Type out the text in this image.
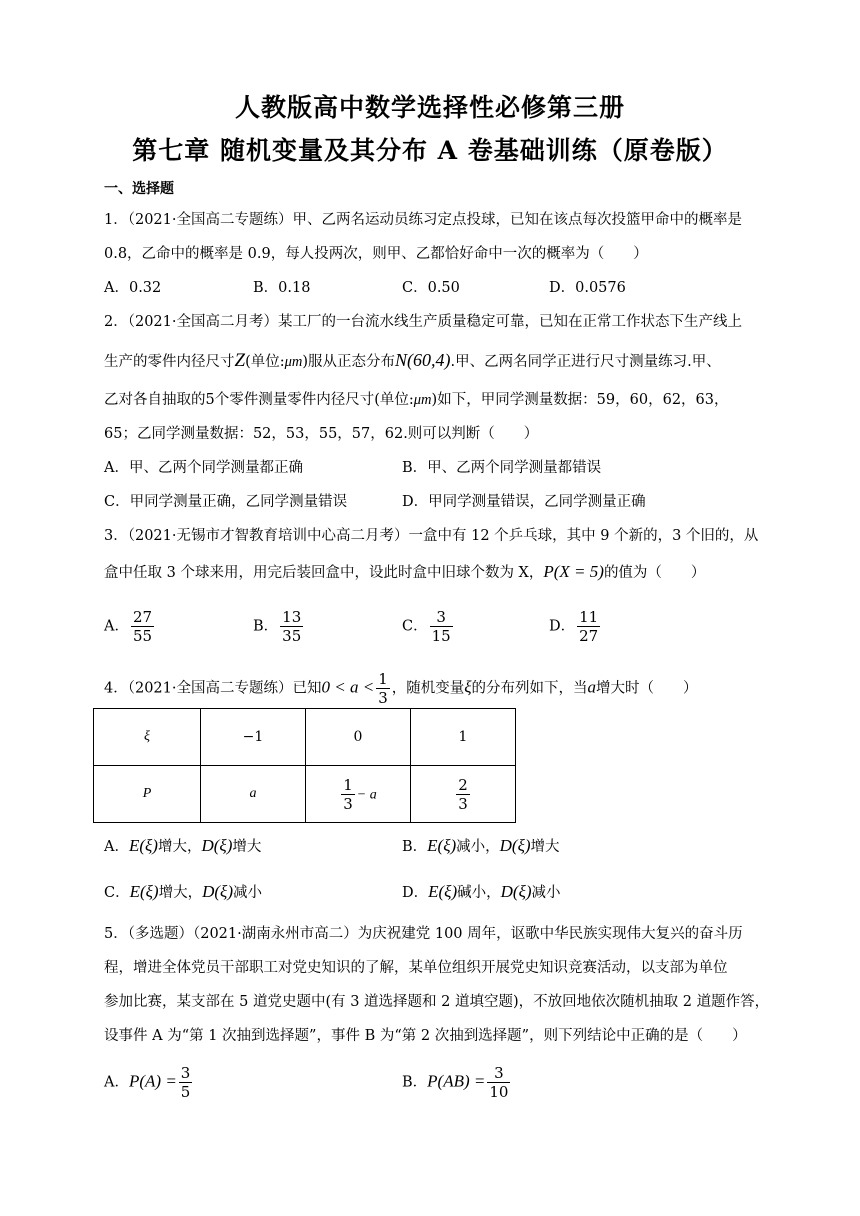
人教版高中数学选择性必修第三册
第七章 随机变量及其分布 A 卷基础训练（原卷版）
一、选择题
1．（2021·全国高二专题练）甲、乙两名运动员练习定点投球，已知在该点每次投篮甲命中的概率是
0.8，乙命中的概率是 0.9，每人投两次，则甲、乙都恰好命中一次的概率为（　　）
A．0.32	B．0.18	C．0.50	D．0.0576
2．（2021·全国高二月考）某工厂的一台流水线生产质量稳定可靠，已知在正常工作状态下生产线上
生产的零件内径尺寸Z(单位:μm)服从正态分布N(60,4).甲、乙两名同学正进行尺寸测量练习.甲、
乙对各自抽取的5个零件测量零件内径尺寸(单位:μm)如下，甲同学测量数据：59，60，62，63，
65；乙同学测量数据：52，53，55，57，62.则可以判断（　　）
A．甲、乙两个同学测量都正确	B．甲、乙两个同学测量都错误
C．甲同学测量正确，乙同学测量错误	D．甲同学测量错误，乙同学测量正确
3．（2021·无锡市才智教育培训中心高二月考）一盒中有 12 个乒乓球，其中 9 个新的，3 个旧的，从
盒中任取 3 个球来用，用完后装回盒中，设此时盒中旧球个数为 X，P(X = 5)的值为（　　）
A． $\frac{27}{55}$	B． $\frac{13}{35}$	C． $\frac{3}{15}$	D． $\frac{11}{27}$
4．（2021·全国高二专题练）已知$0 < a < \frac{1}{3}$ ，随机变量ξ的分布列如下，当a增大时（　　）
ξ	−1	0	1
P	a	$\frac{1}{3} - a$	$\frac{2}{3}$
A．E(ξ)增大，D(ξ)增大	B．E(ξ)减小，D(ξ)增大
C．E(ξ)增大，D(ξ)减小	D．E(ξ)碱小，D(ξ)减小
5．（多选题）（2021·湖南永州市高二）为庆祝建党 100 周年，讴歌中华民族实现伟大复兴的奋斗历
程，增进全体党员干部职工对党史知识的了解，某单位组织开展党史知识竞赛活动，以支部为单位
参加比赛，某支部在 5 道党史题中(有 3 道选择题和 2 道填空题)，不放回地依次随机抽取 2 道题作答，
设事件 A 为“第 1 次抽到选择题”，事件 B 为“第 2 次抽到选择题”，则下列结论中正确的是（　　）
A．$P(A) = \frac{3}{5}$	B．$P(AB) = \frac{3}{10}$
